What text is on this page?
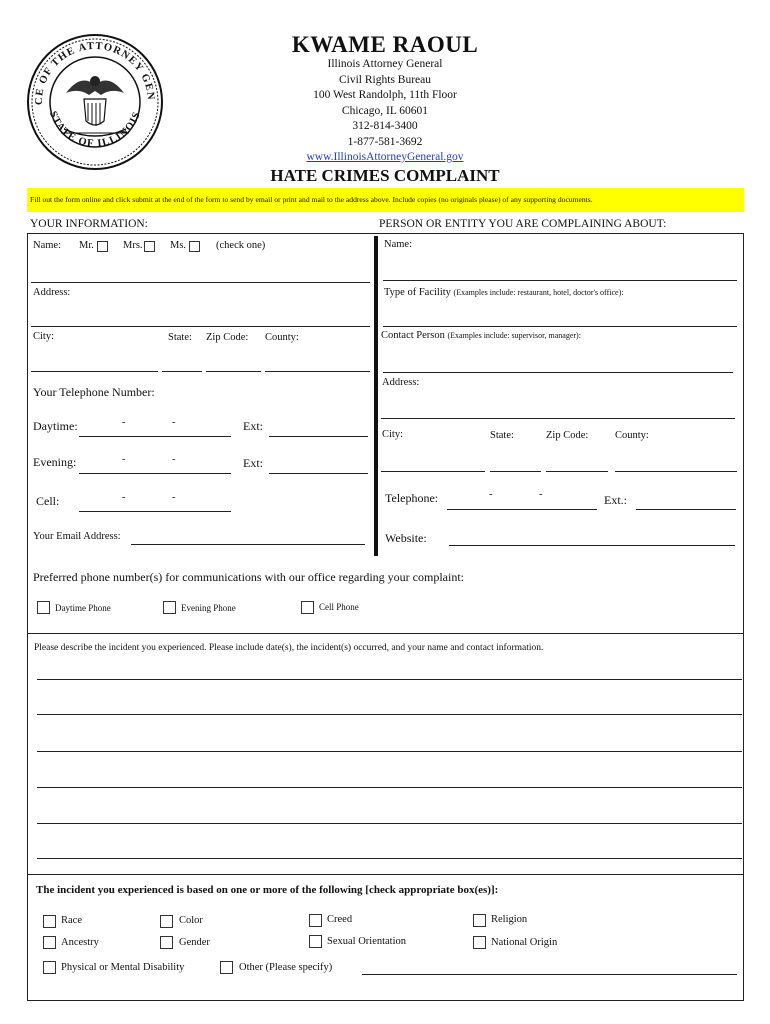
CE OF THE ATTORNEY GEN
STATE OF ILLINOIS
KWAME RAOUL
Illinois Attorney General
Civil Rights Bureau
100 West Randolph, 11th Floor
Chicago, IL 60601
312-814-3400
1-877-581-3692
www.IllinoisAttorneyGeneral.gov
HATE CRIMES COMPLAINT
Fill out the form online and click submit at the end of the form to send by email or print and mail to the address above. Include copies (no originals please) of any supporting documents.
YOUR INFORMATION:	PERSON OR ENTITY YOU ARE COMPLAINING ABOUT:
Name: Mr.	Mrs.	Ms.	(check one)
Address:
City:	State: Zip Code: County:
Your Telephone Number:
Daytime:	-	-	Ext:
Evening:	-	-	Ext:
Cell:	-	-
Your Email Address:
Name:
Type of Facility (Examples include: restaurant, hotel, doctor's office):
Contact Person (Examples include: supervisor, manager):
Address:
City:	State:	Zip Code:	County:
Telephone:	-	-	Ext.:
Website:
Preferred phone number(s) for communications with our office regarding your complaint:
Daytime Phone	Evening Phone	Cell Phone
Please describe the incident you experienced. Please include date(s), the incident(s) occurred, and your name and contact information.
The incident you experienced is based on one or more of the following [check appropriate box(es)]:
Race	Color	Creed	Religion
Ancestry	Gender	Sexual Orientation	National Origin
Physical or Mental Disability	Other (Please specify)
